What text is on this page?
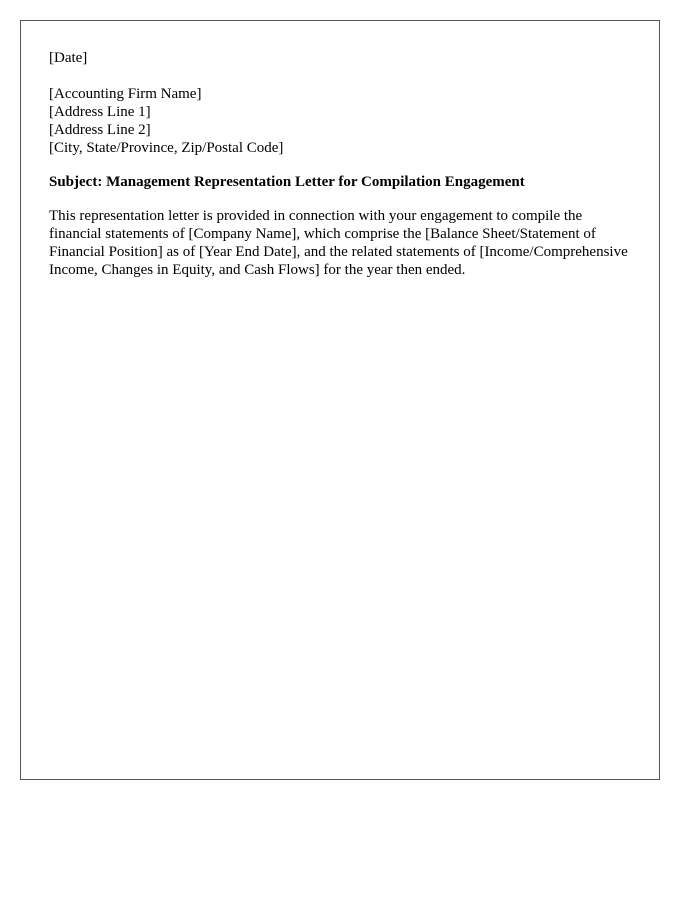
[Date]

[Accounting Firm Name]

[Address Line 1]

[Address Line 2]

[City, State/Province, Zip/Postal Code]

Subject: Management Representation Letter for Compilation Engagement

This representation letter is provided in connection with your engagement to compile the financial statements of [Company Name], which comprise the [Balance Sheet/Statement of Financial Position] as of [Year End Date], and the related statements of [Income/Comprehensive Income, Changes in Equity, and Cash Flows] for the year then ended.
